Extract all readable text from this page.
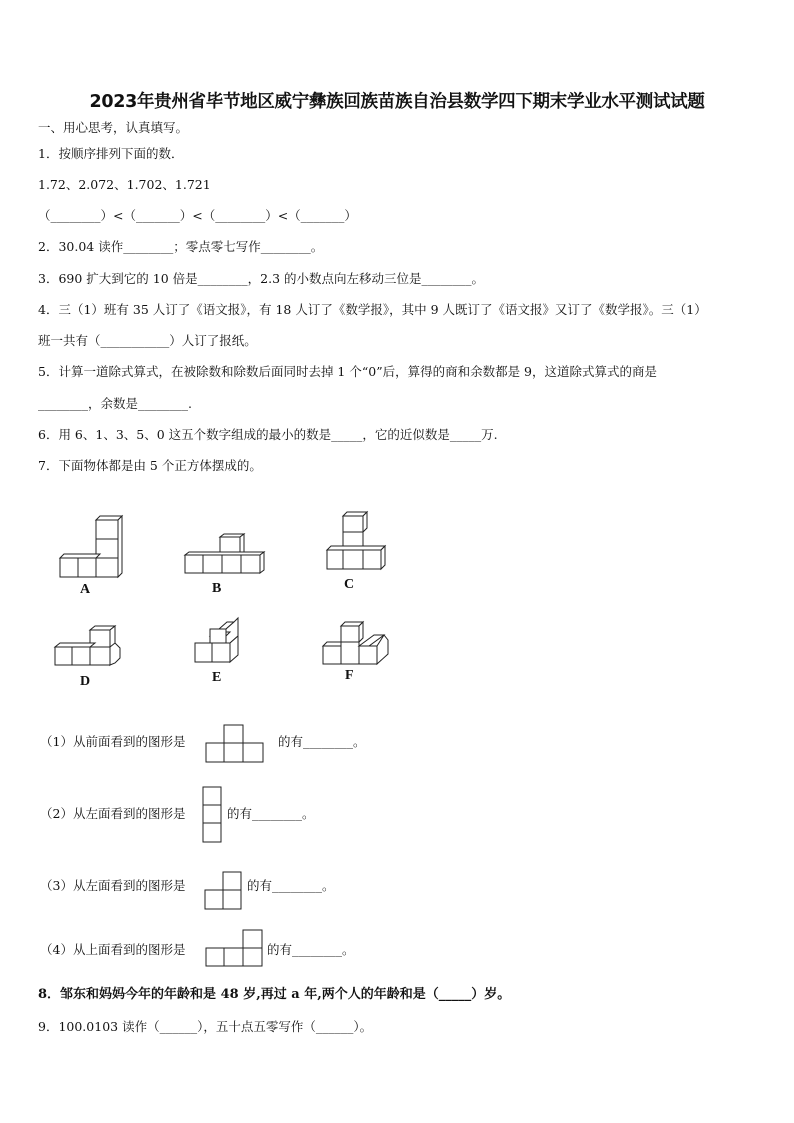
2023年贵州省毕节地区威宁彝族回族苗族自治县数学四下期末学业水平测试试题

一、用心思考，认真填写。

1．按顺序排列下面的数．

1.72、2.072、1.702、1.721

（________）<（_______）<（________）<（_______）

2．30.04 读作________；零点零七写作________。

3．690 扩大到它的 10 倍是________，2.3 的小数点向左移动三位是________。

4．三（1）班有 35 人订了《语文报》，有 18 人订了《数学报》，其中 9 人既订了《语文报》又订了《数学报》。三（1）

班一共有（___________）人订了报纸。

5．计算一道除式算式，在被除数和除数后面同时去掉 1 个“0”后，算得的商和余数都是 9，这道除式算式的商是

________，余数是________.

6．用 6、1、3、5、0 这五个数字组成的最小的数是_____，它的近似数是_____万.

7．下面物体都是由 5 个正方体摆成的。

A	B	C
D	E	F
（1）从前面看到的图形是	的有________。
（2）从左面看到的图形是	的有________。
（3）从左面看到的图形是	的有________。
（4）从上面看到的图形是	的有________。

8．邹东和妈妈今年的年龄和是 48 岁,再过 a 年,两个人的年龄和是（_____）岁。

9．100.0103 读作（______），五十点五零写作（______）。
